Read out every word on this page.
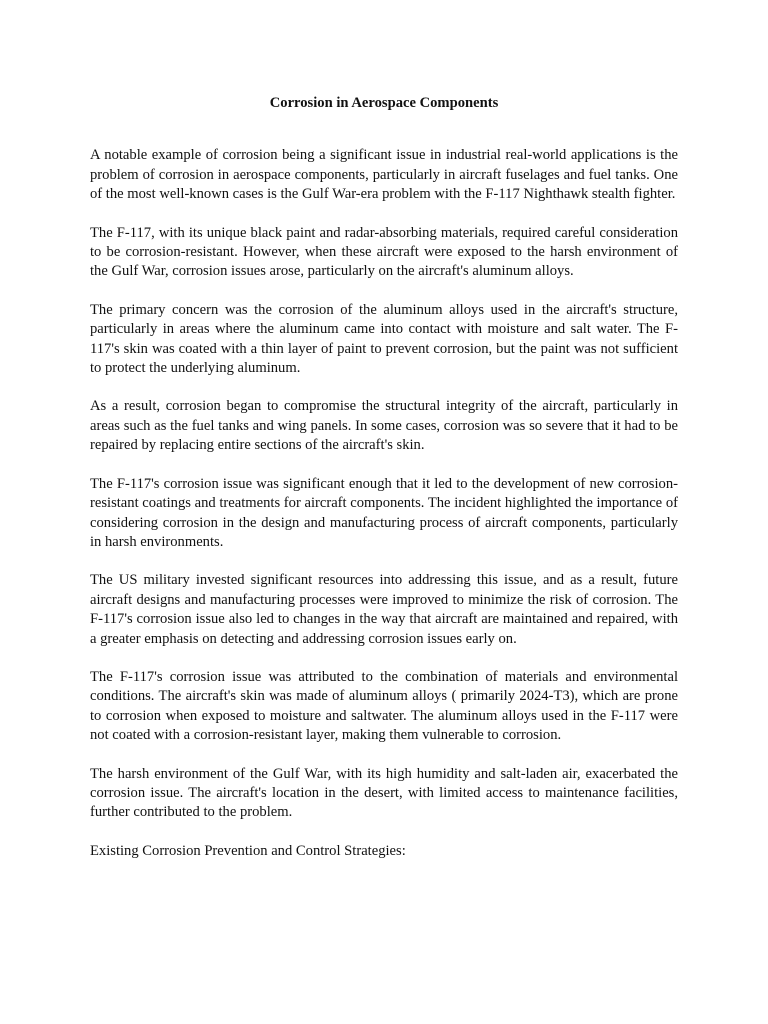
Corrosion in Aerospace Components

A notable example of corrosion being a significant issue in industrial real-world applications is the problem of corrosion in aerospace components, particularly in aircraft fuselages and fuel tanks. One of the most well-known cases is the Gulf War-era problem with the F-117 Nighthawk stealth fighter.

The F-117, with its unique black paint and radar-absorbing materials, required careful consideration to be corrosion-resistant. However, when these aircraft were exposed to the harsh environment of the Gulf War, corrosion issues arose, particularly on the aircraft's aluminum alloys.

The primary concern was the corrosion of the aluminum alloys used in the aircraft's structure, particularly in areas where the aluminum came into contact with moisture and salt water. The F-117's skin was coated with a thin layer of paint to prevent corrosion, but the paint was not sufficient to protect the underlying aluminum.

As a result, corrosion began to compromise the structural integrity of the aircraft, particularly in areas such as the fuel tanks and wing panels. In some cases, corrosion was so severe that it had to be repaired by replacing entire sections of the aircraft's skin.

The F-117's corrosion issue was significant enough that it led to the development of new corrosion-resistant coatings and treatments for aircraft components. The incident highlighted the importance of considering corrosion in the design and manufacturing process of aircraft components, particularly in harsh environments.

The US military invested significant resources into addressing this issue, and as a result, future aircraft designs and manufacturing processes were improved to minimize the risk of corrosion. The F-117's corrosion issue also led to changes in the way that aircraft are maintained and repaired, with a greater emphasis on detecting and addressing corrosion issues early on.

The F-117's corrosion issue was attributed to the combination of materials and environmental conditions. The aircraft's skin was made of aluminum alloys ( primarily 2024-T3), which are prone to corrosion when exposed to moisture and saltwater. The aluminum alloys used in the F-117 were not coated with a corrosion-resistant layer, making them vulnerable to corrosion.

The harsh environment of the Gulf War, with its high humidity and salt-laden air, exacerbated the corrosion issue. The aircraft's location in the desert, with limited access to maintenance facilities, further contributed to the problem.

Existing Corrosion Prevention and Control Strategies:
